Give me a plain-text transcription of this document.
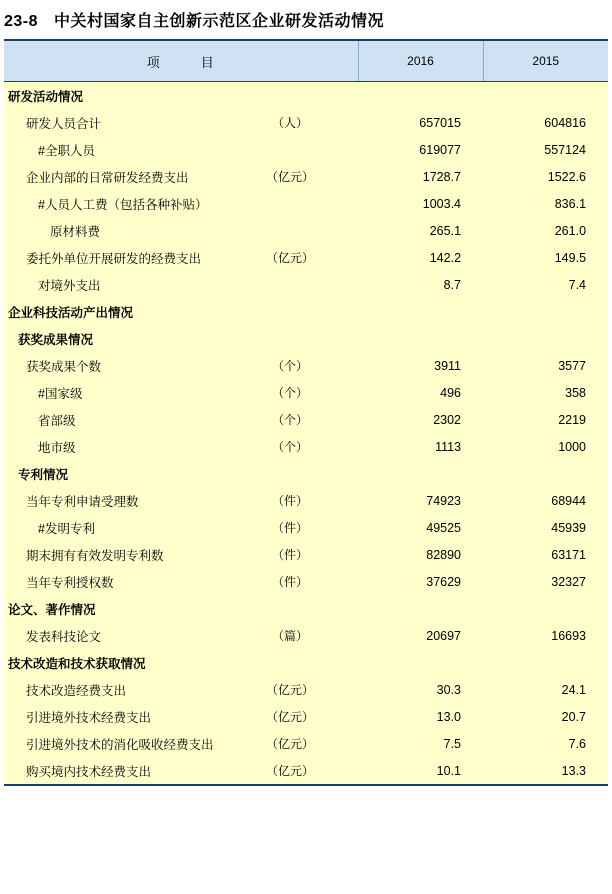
23-8 中关村国家自主创新示范区企业研发活动情况
项　目		2016	2015
研发活动情况			
研发人员合计	（人）	657015	604816
#全职人员		619077	557124
企业内部的日常研发经费支出	（亿元）	1728.7	1522.6
#人员人工费（包括各种补贴）		1003.4	836.1
原材料费		265.1	261.0
委托外单位开展研发的经费支出	（亿元）	142.2	149.5
对境外支出		8.7	7.4
企业科技活动产出情况			
获奖成果情况			
获奖成果个数	（个）	3911	3577
#国家级	（个）	496	358
省部级	（个）	2302	2219
地市级	（个）	1113	1000
专利情况			
当年专利申请受理数	（件）	74923	68944
#发明专利	（件）	49525	45939
期末拥有有效发明专利数	（件）	82890	63171
当年专利授权数	（件）	37629	32327
论文、著作情况			
发表科技论文	（篇）	20697	16693
技术改造和技术获取情况			
技术改造经费支出	（亿元）	30.3	24.1
引进境外技术经费支出	（亿元）	13.0	20.7
引进境外技术的消化吸收经费支出	（亿元）	7.5	7.6
购买境内技术经费支出	（亿元）	10.1	13.3
